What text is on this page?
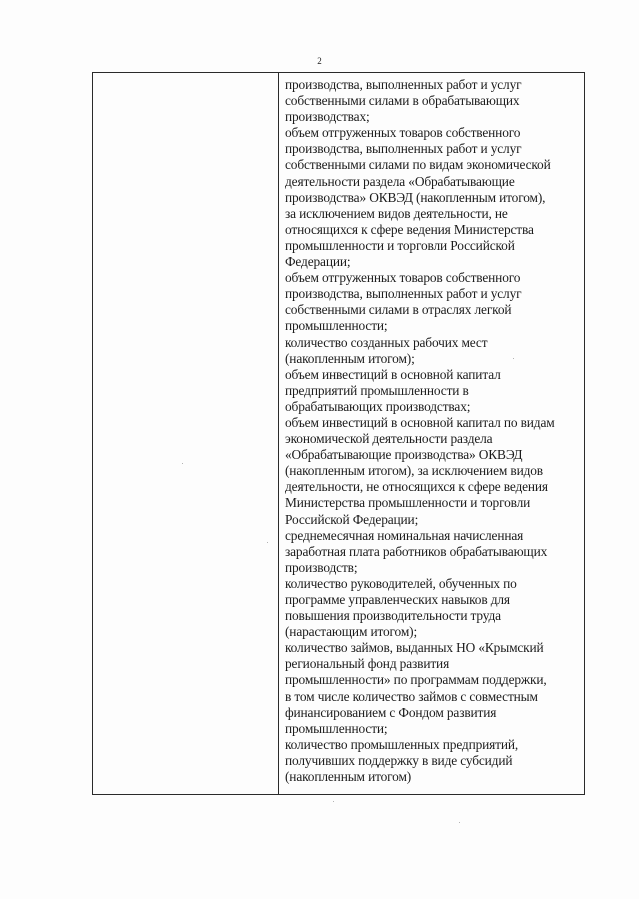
2
производства, выполненных работ и услуг
собственными силами в обрабатывающих
производствах;
объем отгруженных товаров собственного
производства, выполненных работ и услуг
собственными силами по видам экономической
деятельности раздела «Обрабатывающие
производства» ОКВЭД (накопленным итогом),
за исключением видов деятельности, не
относящихся к сфере ведения Министерства
промышленности и торговли Российской
Федерации;
объем отгруженных товаров собственного
производства, выполненных работ и услуг
собственными силами в отраслях легкой
промышленности;
количество созданных рабочих мест
(накопленным итогом);
объем инвестиций в основной капитал
предприятий промышленности в
обрабатывающих производствах;
объем инвестиций в основной капитал по видам
экономической деятельности раздела
«Обрабатывающие производства» ОКВЭД
(накопленным итогом), за исключением видов
деятельности, не относящихся к сфере ведения
Министерства промышленности и торговли
Российской Федерации;
среднемесячная номинальная начисленная
заработная плата работников обрабатывающих
производств;
количество руководителей, обученных по
программе управленческих навыков для
повышения производительности труда
(нарастающим итогом);
количество займов, выданных НО «Крымский
региональный фонд развития
промышленности» по программам поддержки,
в том числе количество займов с совместным
финансированием с Фондом развития
промышленности;
количество промышленных предприятий,
получивших поддержку в виде субсидий
(накопленным итогом)
